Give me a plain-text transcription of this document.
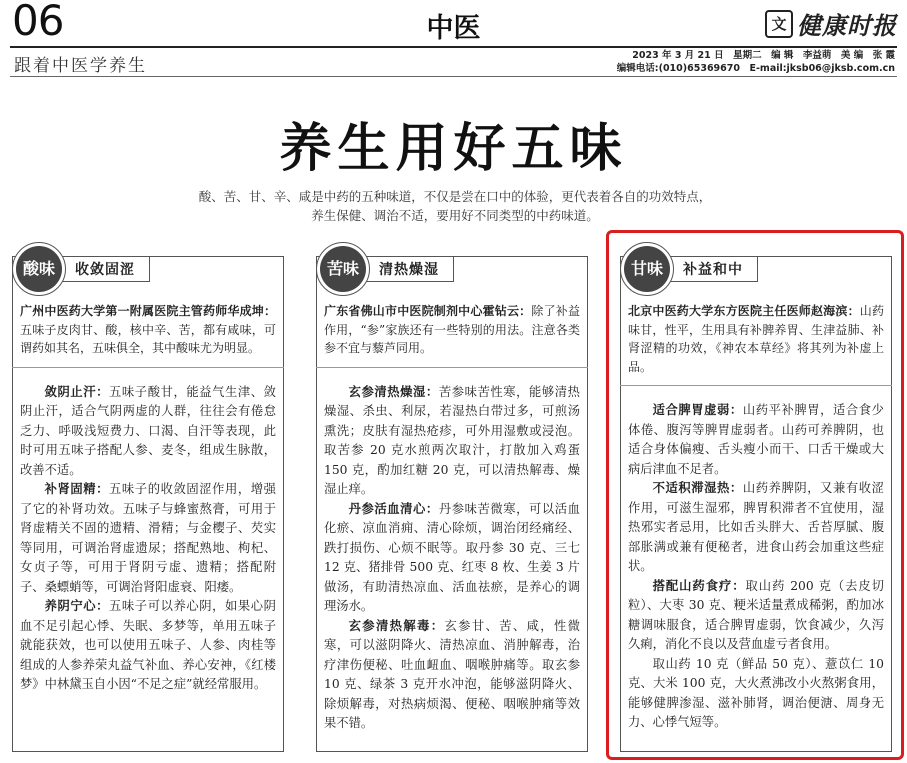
06	中医	文 健康时报
跟着中医学养生
2023 年 3 月 21 日　星期二　编 辑　李益萌　美 编　张 霞
编辑电话:(010)65369670　E-mail:jksb06@jksb.com.cn
养生用好五味
酸、苦、甘、辛、咸是中药的五种味道，不仅是尝在口中的体验，更代表着各自的功效特点，
养生保健、调治不适，要用好不同类型的中药味道。
酸味	收敛固涩
广州中医药大学第一附属医院主管药师华成坤：五味子皮肉甘、酸，核中辛、苦，都有咸味，可谓药如其名，五味俱全，其中酸味尤为明显。
敛阴止汗：五味子酸甘，能益气生津、敛阴止汗，适合气阴两虚的人群，往往会有倦怠乏力、呼吸浅短费力、口渴、自汗等表现，此时可用五味子搭配人参、麦冬，组成生脉散，改善不适。
补肾固精：五味子的收敛固涩作用，增强了它的补肾功效。五味子与蜂蜜熬膏，可用于肾虚精关不固的遗精、滑精；与金樱子、芡实等同用，可调治肾虚遗尿；搭配熟地、枸杞、女贞子等，可用于肾阴亏虚、遗精；搭配附子、桑螵蛸等，可调治肾阳虚衰、阳痿。
养阴宁心：五味子可以养心阴，如果心阴血不足引起心悸、失眠、多梦等，单用五味子就能获效，也可以使用五味子、人参、肉桂等组成的人参养荣丸益气补血、养心安神，《红楼梦》中林黛玉自小因“不足之症”就经常服用。
苦味	清热燥湿
广东省佛山市中医院制剂中心霍钻云：除了补益作用，“参”家族还有一些特别的用法。注意各类参不宜与藜芦同用。
玄参清热燥湿：苦参味苦性寒，能够清热燥湿、杀虫、利尿，若湿热白带过多，可煎汤熏洗；皮肤有湿热疮疹，可外用湿敷或浸泡。取苦参 20 克水煎两次取汁，打散加入鸡蛋 150 克，酌加红糖 20 克，可以清热解毒、燥湿止痒。
丹参活血清心：丹参味苦微寒，可以活血化瘀、凉血消痈、清心除烦，调治闭经痛经、跌打损伤、心烦不眠等。取丹参 30 克、三七 12 克、猪排骨 500 克、红枣 8 枚、生姜 3 片做汤，有助清热凉血、活血祛瘀，是养心的调理汤水。
玄参清热解毒：玄参甘、苦、咸，性微寒，可以滋阴降火、清热凉血、消肿解毒，治疗津伤便秘、吐血衄血、咽喉肿痛等。取玄参 10 克、绿茶 3 克开水冲泡，能够滋阴降火、除烦解毒，对热病烦渴、便秘、咽喉肿痛等效果不错。
甘味	补益和中
北京中医药大学东方医院主任医师赵海滨：山药味甘，性平，生用具有补脾养胃、生津益肺、补肾涩精的功效，《神农本草经》将其列为补虚上品。
适合脾胃虚弱：山药平补脾胃，适合食少体倦、腹泻等脾胃虚弱者。山药可养脾阴，也适合身体偏瘦、舌头瘦小而干、口舌干燥或大病后津血不足者。
不适积滞湿热：山药养脾阴，又兼有收涩作用，可滋生湿邪，脾胃积滞者不宜使用，湿热邪实者忌用，比如舌头胖大、舌苔厚腻、腹部胀满或兼有便秘者，进食山药会加重这些症状。
搭配山药食疗：取山药 200 克（去皮切粒）、大枣 30 克、粳米适量煮成稀粥，酌加冰糖调味服食，适合脾胃虚弱，饮食减少，久泻久痢，消化不良以及营血虚亏者食用。
取山药 10 克（鲜品 50 克）、薏苡仁 10 克、大米 100 克，大火煮沸改小火熬粥食用，能够健脾渗湿、滋补肺肾，调治便溏、周身无力、心悸气短等。
